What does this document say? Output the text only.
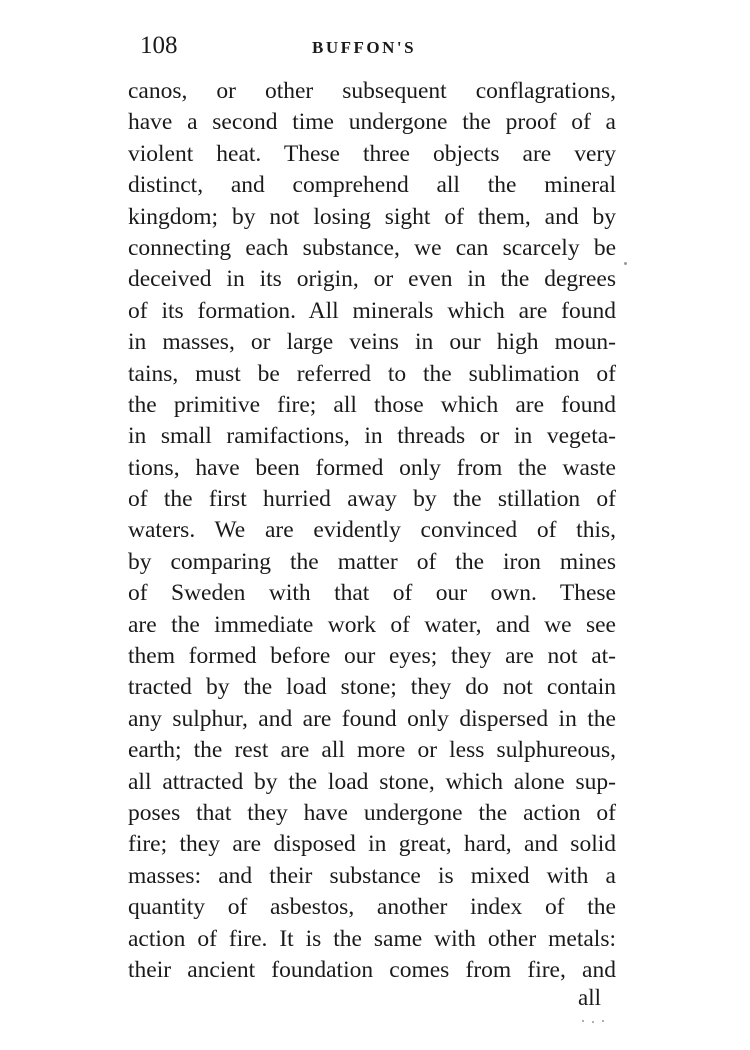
108	BUFFON'S
canos, or other subsequent conflagrations,
have a second time undergone the proof of a
violent heat. These three objects are very
distinct, and comprehend all the mineral
kingdom; by not losing sight of them, and by
connecting each substance, we can scarcely be
deceived in its origin, or even in the degrees
of its formation. All minerals which are found
in masses, or large veins in our high moun-
tains, must be referred to the sublimation of
the primitive fire; all those which are found
in small ramifactions, in threads or in vegeta-
tions, have been formed only from the waste
of the first hurried away by the stillation of
waters. We are evidently convinced of this,
by comparing the matter of the iron mines
of Sweden with that of our own. These
are the immediate work of water, and we see
them formed before our eyes; they are not at-
tracted by the load stone; they do not contain
any sulphur, and are found only dispersed in the
earth; the rest are all more or less sulphureous,
all attracted by the load stone, which alone sup-
poses that they have undergone the action of
fire; they are disposed in great, hard, and solid
masses: and their substance is mixed with a
quantity of asbestos, another index of the
action of fire. It is the same with other metals:
their ancient foundation comes from fire, and
all
